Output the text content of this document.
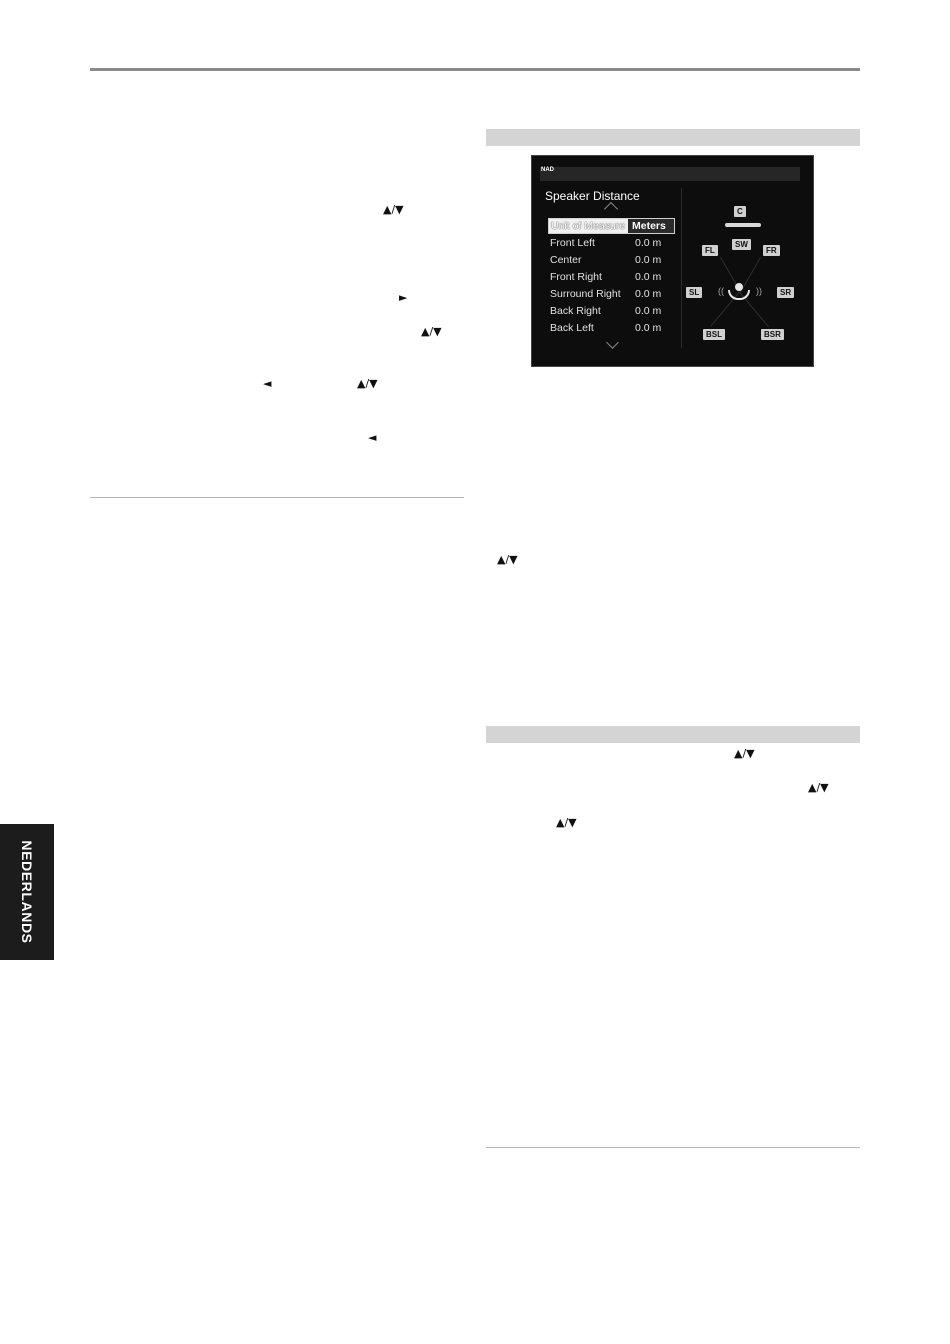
▲/▼
►
▲/▼
◄	▲/▼
◄
▲/▼
▲/▼
▲/▼
▲/▼
NEDERLANDS
NAD
Speaker Distance
Unit of Measure Meters
Front Left	0.0 m
Center	0.0 m
Front Right	0.0 m
Surround Right 0.0 m
Back Right	0.0 m
Back Left	0.0 m
C
FL
SW
FR
SL	SR
BSL	BSR
((	))
